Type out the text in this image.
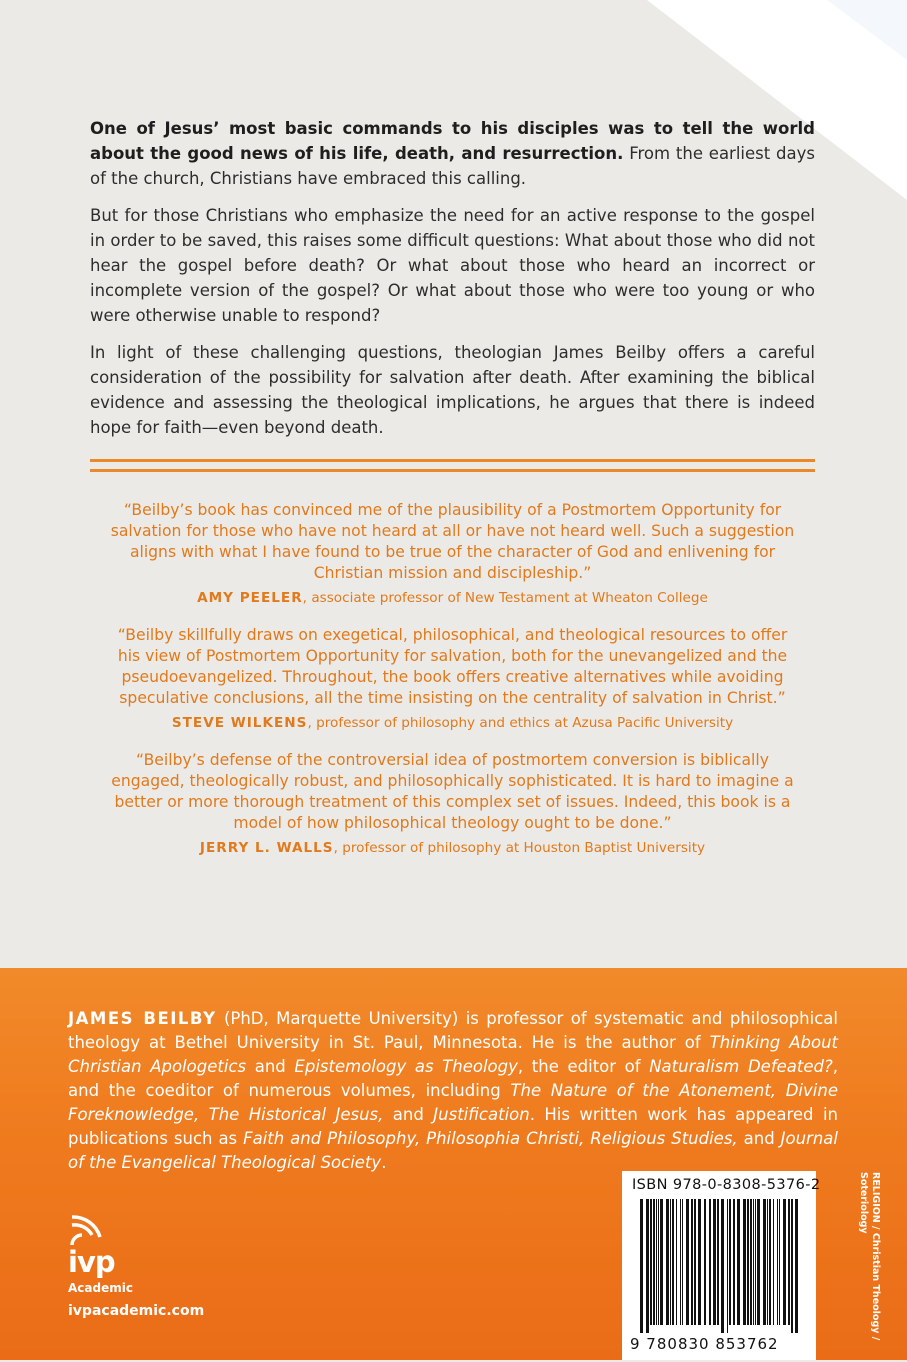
One of Jesus’ most basic commands to his disciples was to tell the world about the good news of his life, death, and resurrection. From the earliest days of the church, Christians have embraced this calling.

But for those Christians who emphasize the need for an active response to the gospel in order to be saved, this raises some difficult questions: What about those who did not hear the gospel before death? Or what about those who heard an incorrect or incomplete version of the gospel? Or what about those who were too young or who were otherwise unable to respond?

In light of these challenging questions, theologian James Beilby offers a careful consideration of the possibility for salvation after death. After examining the biblical evidence and assessing the theological implications, he argues that there is indeed hope for faith—even beyond death.

“Beilby’s book has convinced me of the plausibility of a Postmortem Opportunity for salvation for those who have not heard at all or have not heard well. Such a suggestion aligns with what I have found to be true of the character of God and enlivening for Christian mission and discipleship.”

AMY PEELER, associate professor of New Testament at Wheaton College

“Beilby skillfully draws on exegetical, philosophical, and theological resources to offer his view of Postmortem Opportunity for salvation, both for the unevangelized and the pseudoevangelized. Throughout, the book offers creative alternatives while avoiding speculative conclusions, all the time insisting on the centrality of salvation in Christ.”

STEVE WILKENS, professor of philosophy and ethics at Azusa Pacific University

“Beilby’s defense of the controversial idea of postmortem conversion is biblically engaged, theologically robust, and philosophically sophisticated. It is hard to imagine a better or more thorough treatment of this complex set of issues. Indeed, this book is a model of how philosophical theology ought to be done.”

JERRY L. WALLS, professor of philosophy at Houston Baptist University

JAMES BEILBY (PhD, Marquette University) is professor of systematic and philosophical theology at Bethel University in St. Paul, Minnesota. He is the author of Thinking About Christian Apologetics and Epistemology as Theology, the editor of Naturalism Defeated?, and the coeditor of numerous volumes, including The Nature of the Atonement, Divine Foreknowledge, The Historical Jesus, and Justification. His written work has appeared in publications such as Faith and Philosophy, Philosophia Christi, Religious Studies, and Journal of the Evangelical Theological Society.
ivp
Academic
ivpacademic.com
ISBN 978-0-8308-5376-2
9 780830 853762
RELIGION / Christian Theology /
Soteriology
